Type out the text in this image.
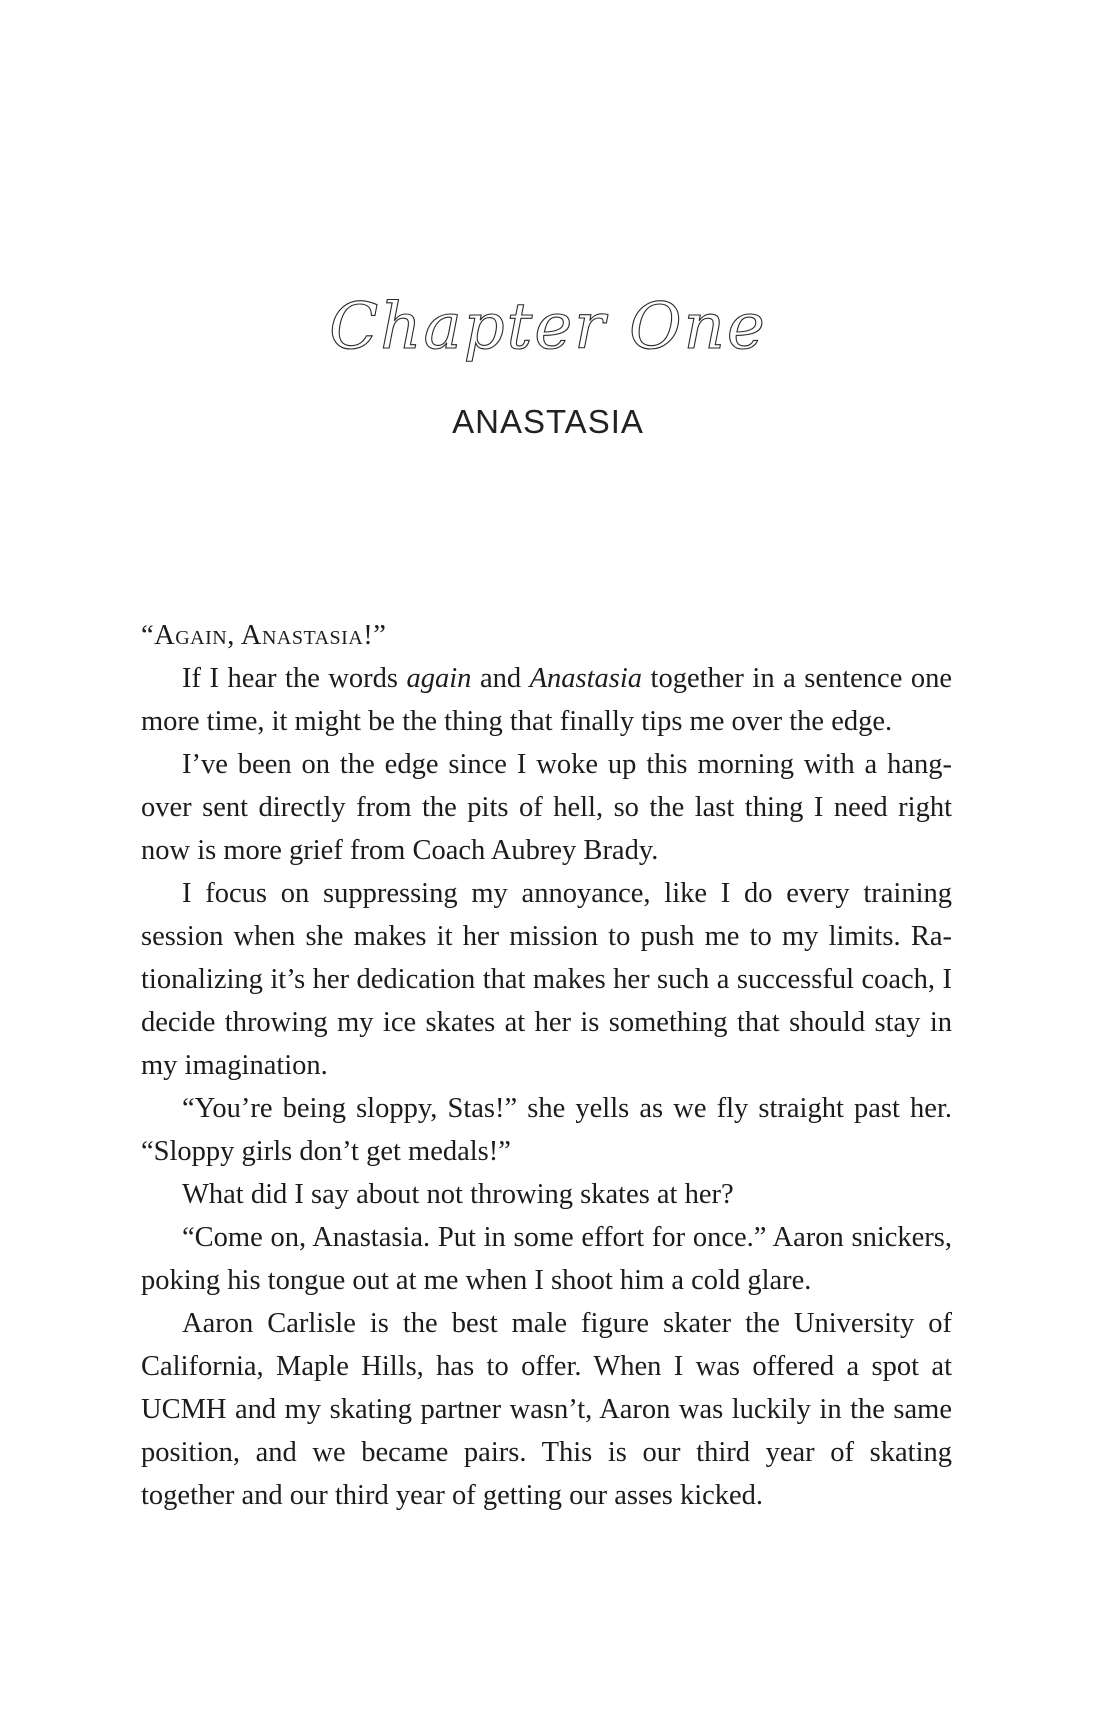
Chapter One
ANASTASIA

“Again, Anastasia!”

If I hear the words again and Anastasia together in a sentence one more time, it might be the thing that finally tips me over the edge.

I’ve been on the edge since I woke up this morning with a hangover sent directly from the pits of hell, so the last thing I need right now is more grief from Coach Aubrey Brady.

I focus on suppressing my annoyance, like I do every training session when she makes it her mission to push me to my limits. Rationalizing it’s her dedication that makes her such a successful coach, I decide throwing my ice skates at her is something that should stay in my imagination.

“You’re being sloppy, Stas!” she yells as we fly straight past her. “Sloppy girls don’t get medals!”

What did I say about not throwing skates at her?

“Come on, Anastasia. Put in some effort for once.” Aaron snickers, poking his tongue out at me when I shoot him a cold glare.

Aaron Carlisle is the best male figure skater the University of California, Maple Hills, has to offer. When I was offered a spot at UCMH and my skating partner wasn’t, Aaron was luckily in the same position, and we became pairs. This is our third year of skating together and our third year of getting our asses kicked.
